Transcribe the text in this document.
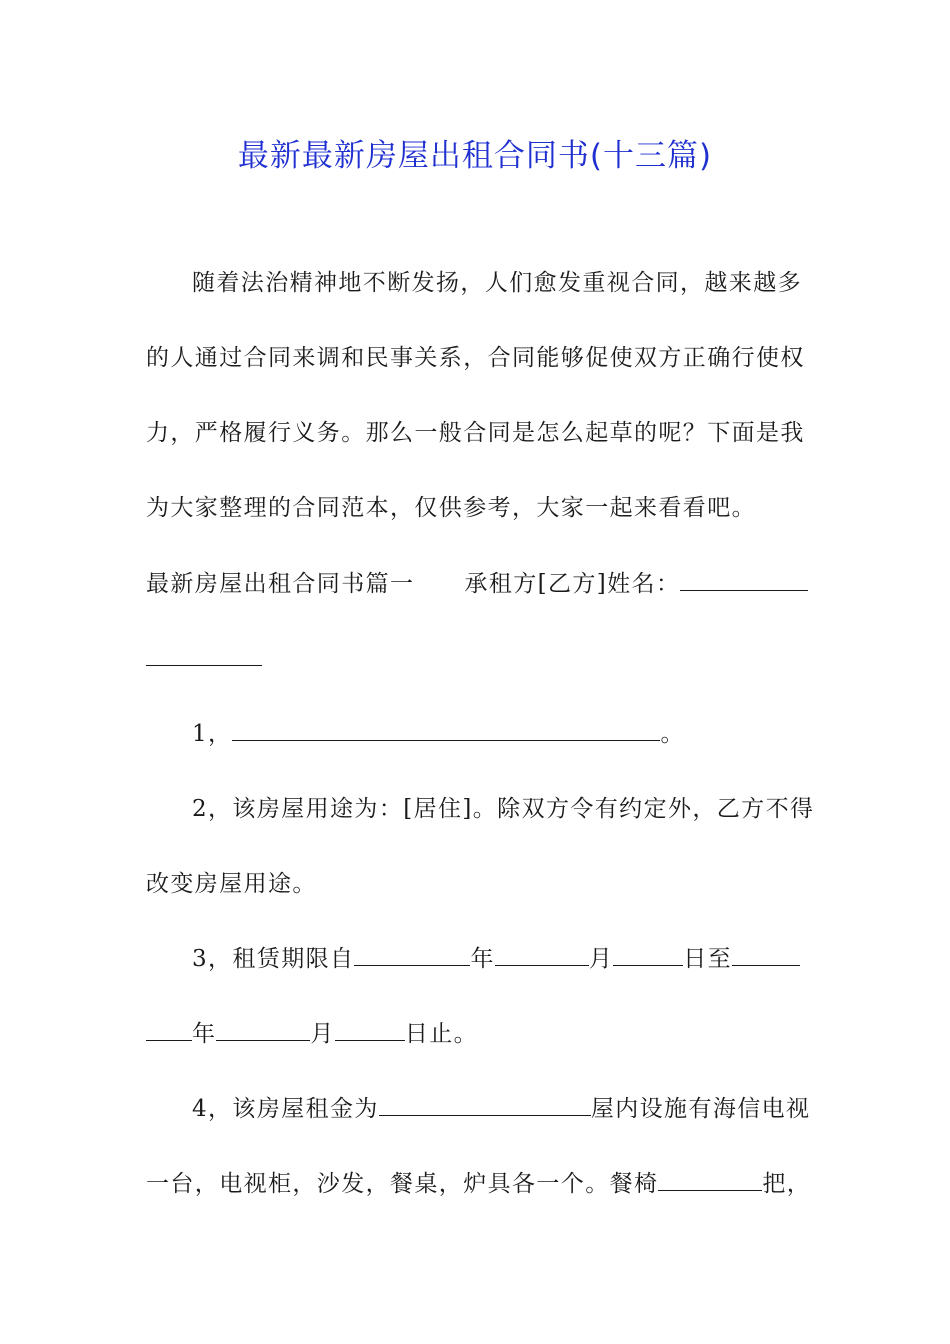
最新最新房屋出租合同书(十三篇)
随着法治精神地不断发扬，人们愈发重视合同，越来越多
的人通过合同来调和民事关系，合同能够促使双方正确行使权
力，严格履行义务。那么一般合同是怎么起草的呢？下面是我
为大家整理的合同范本，仅供参考，大家一起来看看吧。
最新房屋出租合同书篇一 承租方[乙方]姓名：
1，	。
2，该房屋用途为：[居住]。除双方令有约定外，乙方不得
改变房屋用途。
3，租赁期限自	年	月	日至
年	月	日止。
4，该房屋租金为	屋内设施有海信电视
一台，电视柜，沙发，餐桌，炉具各一个。餐椅	把，
